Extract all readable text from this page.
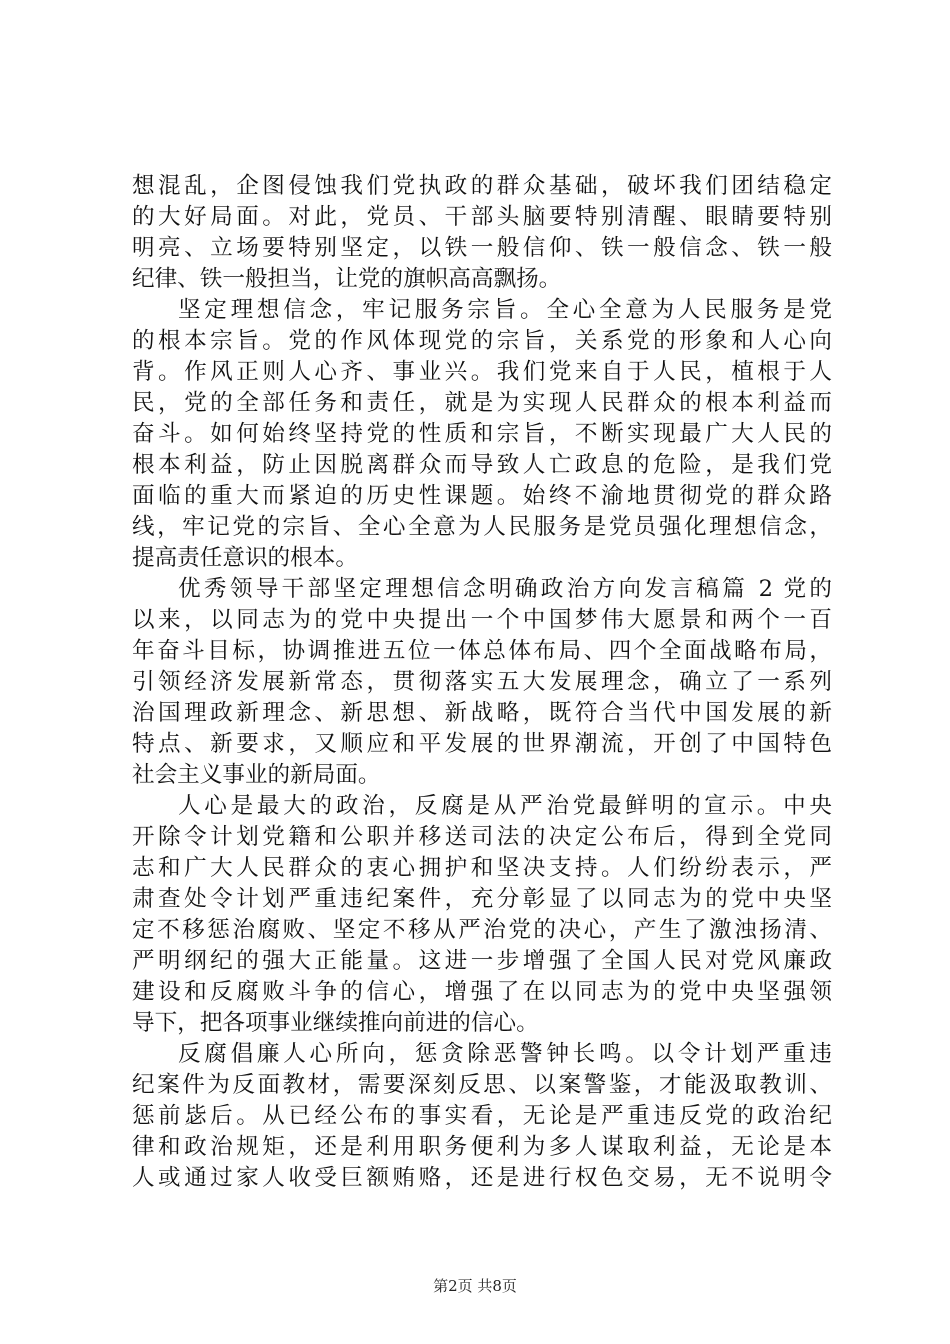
想混乱，企图侵蚀我们党执政的群众基础，破坏我们团结稳定
的大好局面。对此，党员、干部头脑要特别清醒、眼睛要特别
明亮、立场要特别坚定，以铁一般信仰、铁一般信念、铁一般
纪律、铁一般担当，让党的旗帜高高飘扬。
坚定理想信念，牢记服务宗旨。全心全意为人民服务是党
的根本宗旨。党的作风体现党的宗旨，关系党的形象和人心向
背。作风正则人心齐、事业兴。我们党来自于人民，植根于人
民，党的全部任务和责任，就是为实现人民群众的根本利益而
奋斗。如何始终坚持党的性质和宗旨，不断实现最广大人民的
根本利益，防止因脱离群众而导致人亡政息的危险，是我们党
面临的重大而紧迫的历史性课题。始终不渝地贯彻党的群众路
线，牢记党的宗旨、全心全意为人民服务是党员强化理想信念，
提高责任意识的根本。
优秀领导干部坚定理想信念明确政治方向发言稿篇 2 党的
以来，以同志为的党中央提出一个中国梦伟大愿景和两个一百
年奋斗目标，协调推进五位一体总体布局、四个全面战略布局，
引领经济发展新常态，贯彻落实五大发展理念，确立了一系列
治国理政新理念、新思想、新战略，既符合当代中国发展的新
特点、新要求，又顺应和平发展的世界潮流，开创了中国特色
社会主义事业的新局面。
人心是最大的政治，反腐是从严治党最鲜明的宣示。中央
开除令计划党籍和公职并移送司法的决定公布后，得到全党同
志和广大人民群众的衷心拥护和坚决支持。人们纷纷表示，严
肃查处令计划严重违纪案件，充分彰显了以同志为的党中央坚
定不移惩治腐败、坚定不移从严治党的决心，产生了激浊扬清、
严明纲纪的强大正能量。这进一步增强了全国人民对党风廉政
建设和反腐败斗争的信心，增强了在以同志为的党中央坚强领
导下，把各项事业继续推向前进的信心。
反腐倡廉人心所向，惩贪除恶警钟长鸣。以令计划严重违
纪案件为反面教材，需要深刻反思、以案警鉴，才能汲取教训、
惩前毖后。从已经公布的事实看，无论是严重违反党的政治纪
律和政治规矩，还是利用职务便利为多人谋取利益，无论是本
人或通过家人收受巨额贿赂，还是进行权色交易，无不说明令
第2页 共8页
